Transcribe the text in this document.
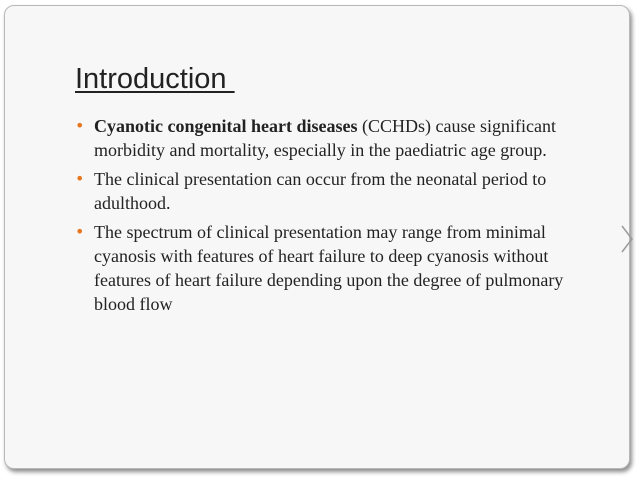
Introduction
• Cyanotic congenital heart diseases (CCHDs) cause significant morbidity and mortality, especially in the paediatric age group.
• The clinical presentation can occur from the neonatal period to adulthood.
• The spectrum of clinical presentation may range from minimal cyanosis with features of heart failure to deep cyanosis without features of heart failure depending upon the degree of pulmonary blood flow
